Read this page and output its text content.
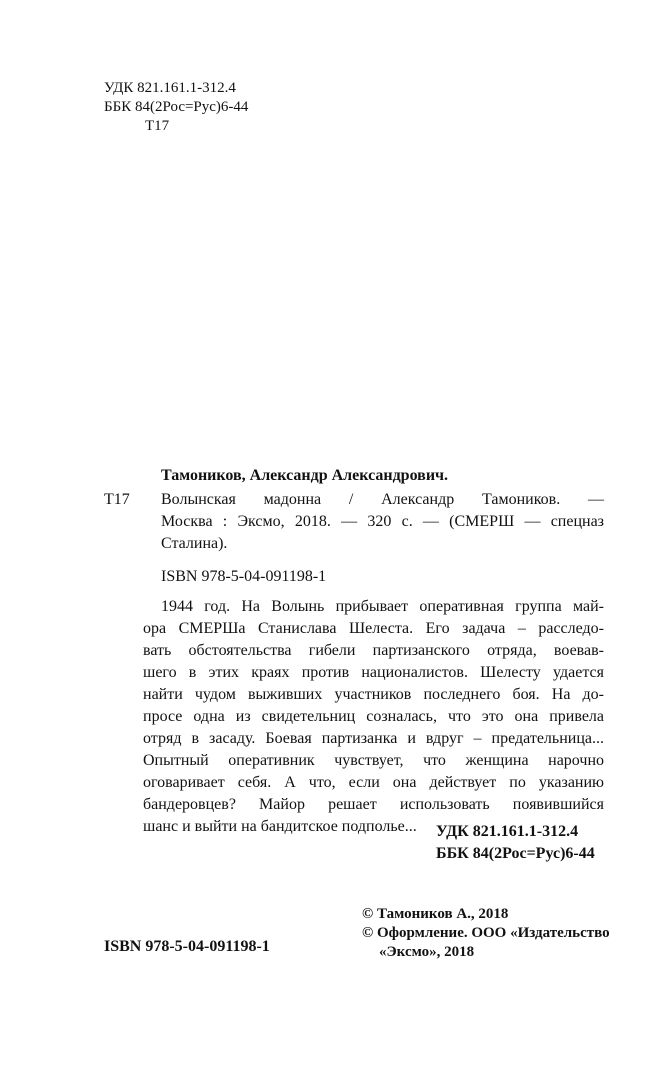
УДК 821.161.1-312.4
ББК 84(2Рос=Рус)6-44
Т17
Тамоников, Александр Александрович.
Т17 Волынская мадонна / Александр Тамоников. —
Москва : Эксмо, 2018. — 320 с. — (СМЕРШ — спецназ
Сталина).
ISBN 978-5-04-091198-1
1944 год. На Волынь прибывает оперативная группа май-
ора СМЕРШа Станислава Шелеста. Его задача – расследо-
вать обстоятельства гибели партизанского отряда, воевав-
шего в этих краях против националистов. Шелесту удается
найти чудом выживших участников последнего боя. На до-
просе одна из свидетельниц созналась, что это она привела
отряд в засаду. Боевая партизанка и вдруг – предательница...
Опытный оперативник чувствует, что женщина нарочно
оговаривает себя. А что, если она действует по указанию
бандеровцев? Майор решает использовать появившийся
шанс и выйти на бандитское подполье...	УДК 821.161.1-312.4
ББК 84(2Рос=Рус)6-44
© Тамоников А., 2018
© Оформление. ООО «Издательство
«Эксмо», 2018
ISBN 978-5-04-091198-1
